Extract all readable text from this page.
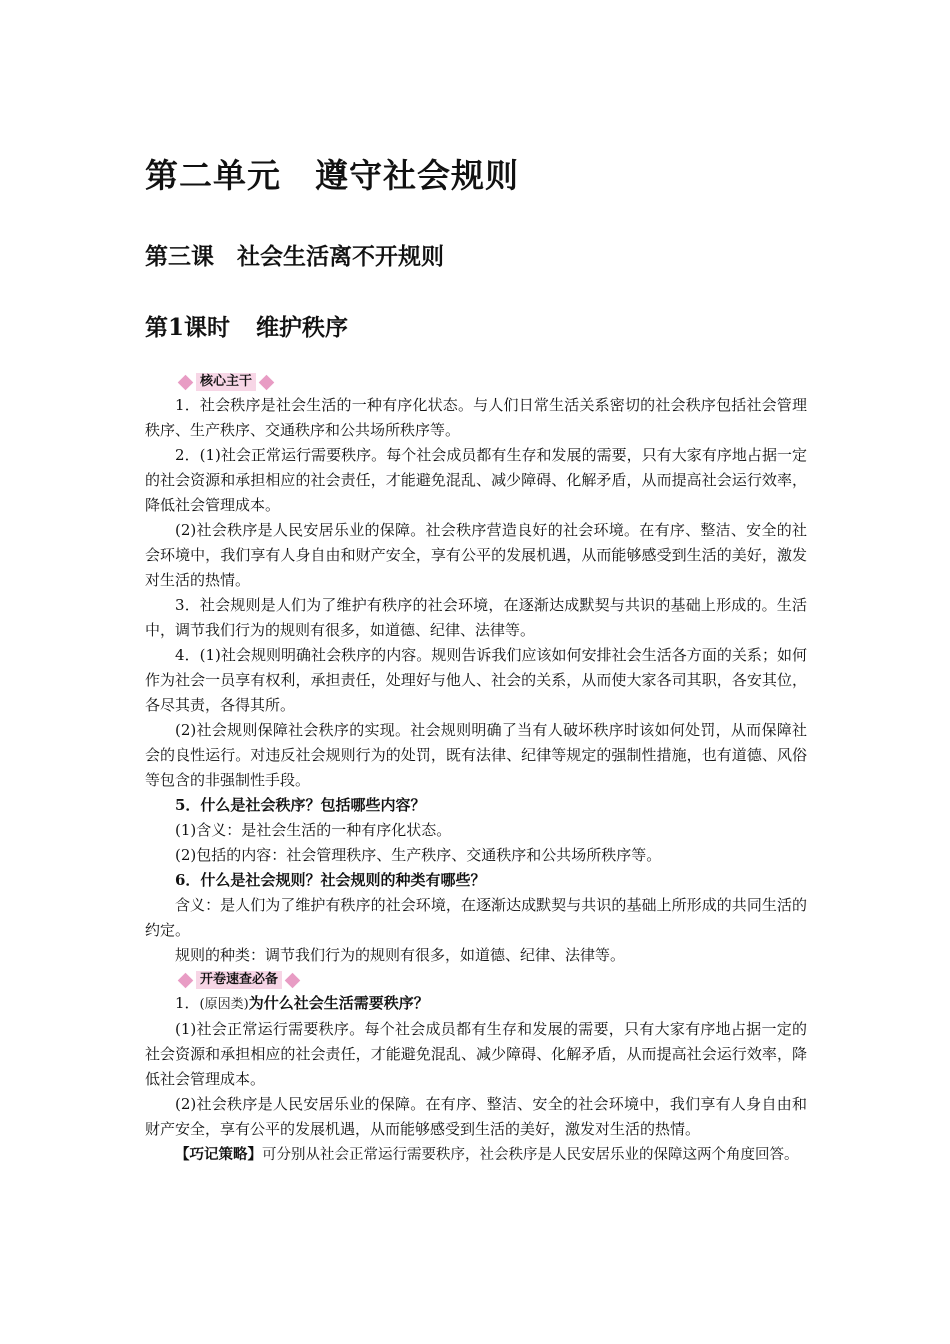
第二单元　遵守社会规则
第三课　社会生活离不开规则
第1课时 维护秩序
核心主干

1．社会秩序是社会生活的一种有序化状态。与人们日常生活关系密切的社会秩序包括社会管理秩序、生产秩序、交通秩序和公共场所秩序等。

2．(1)社会正常运行需要秩序。每个社会成员都有生存和发展的需要，只有大家有序地占据一定的社会资源和承担相应的社会责任，才能避免混乱、减少障碍、化解矛盾，从而提高社会运行效率，降低社会管理成本。

(2)社会秩序是人民安居乐业的保障。社会秩序营造良好的社会环境。在有序、整洁、安全的社会环境中，我们享有人身自由和财产安全，享有公平的发展机遇，从而能够感受到生活的美好，激发对生活的热情。

3．社会规则是人们为了维护有秩序的社会环境，在逐渐达成默契与共识的基础上形成的。生活中，调节我们行为的规则有很多，如道德、纪律、法律等。

4．(1)社会规则明确社会秩序的内容。规则告诉我们应该如何安排社会生活各方面的关系；如何作为社会一员享有权利，承担责任，处理好与他人、社会的关系，从而使大家各司其职，各安其位，各尽其责，各得其所。

(2)社会规则保障社会秩序的实现。社会规则明确了当有人破坏秩序时该如何处罚，从而保障社会的良性运行。对违反社会规则行为的处罚，既有法律、纪律等规定的强制性措施，也有道德、风俗等包含的非强制性手段。

5．什么是社会秩序？包括哪些内容？

(1)含义：是社会生活的一种有序化状态。

(2)包括的内容：社会管理秩序、生产秩序、交通秩序和公共场所秩序等。

6．什么是社会规则？社会规则的种类有哪些？

含义：是人们为了维护有秩序的社会环境，在逐渐达成默契与共识的基础上所形成的共同生活的约定。

规则的种类：调节我们行为的规则有很多，如道德、纪律、法律等。

开卷速查必备

1．(原因类)为什么社会生活需要秩序？

(1)社会正常运行需要秩序。每个社会成员都有生存和发展的需要，只有大家有序地占据一定的社会资源和承担相应的社会责任，才能避免混乱、减少障碍、化解矛盾，从而提高社会运行效率，降低社会管理成本。

(2)社会秩序是人民安居乐业的保障。在有序、整洁、安全的社会环境中，我们享有人身自由和财产安全，享有公平的发展机遇，从而能够感受到生活的美好，激发对生活的热情。

【巧记策略】可分别从社会正常运行需要秩序，社会秩序是人民安居乐业的保障这两个角度回答。
